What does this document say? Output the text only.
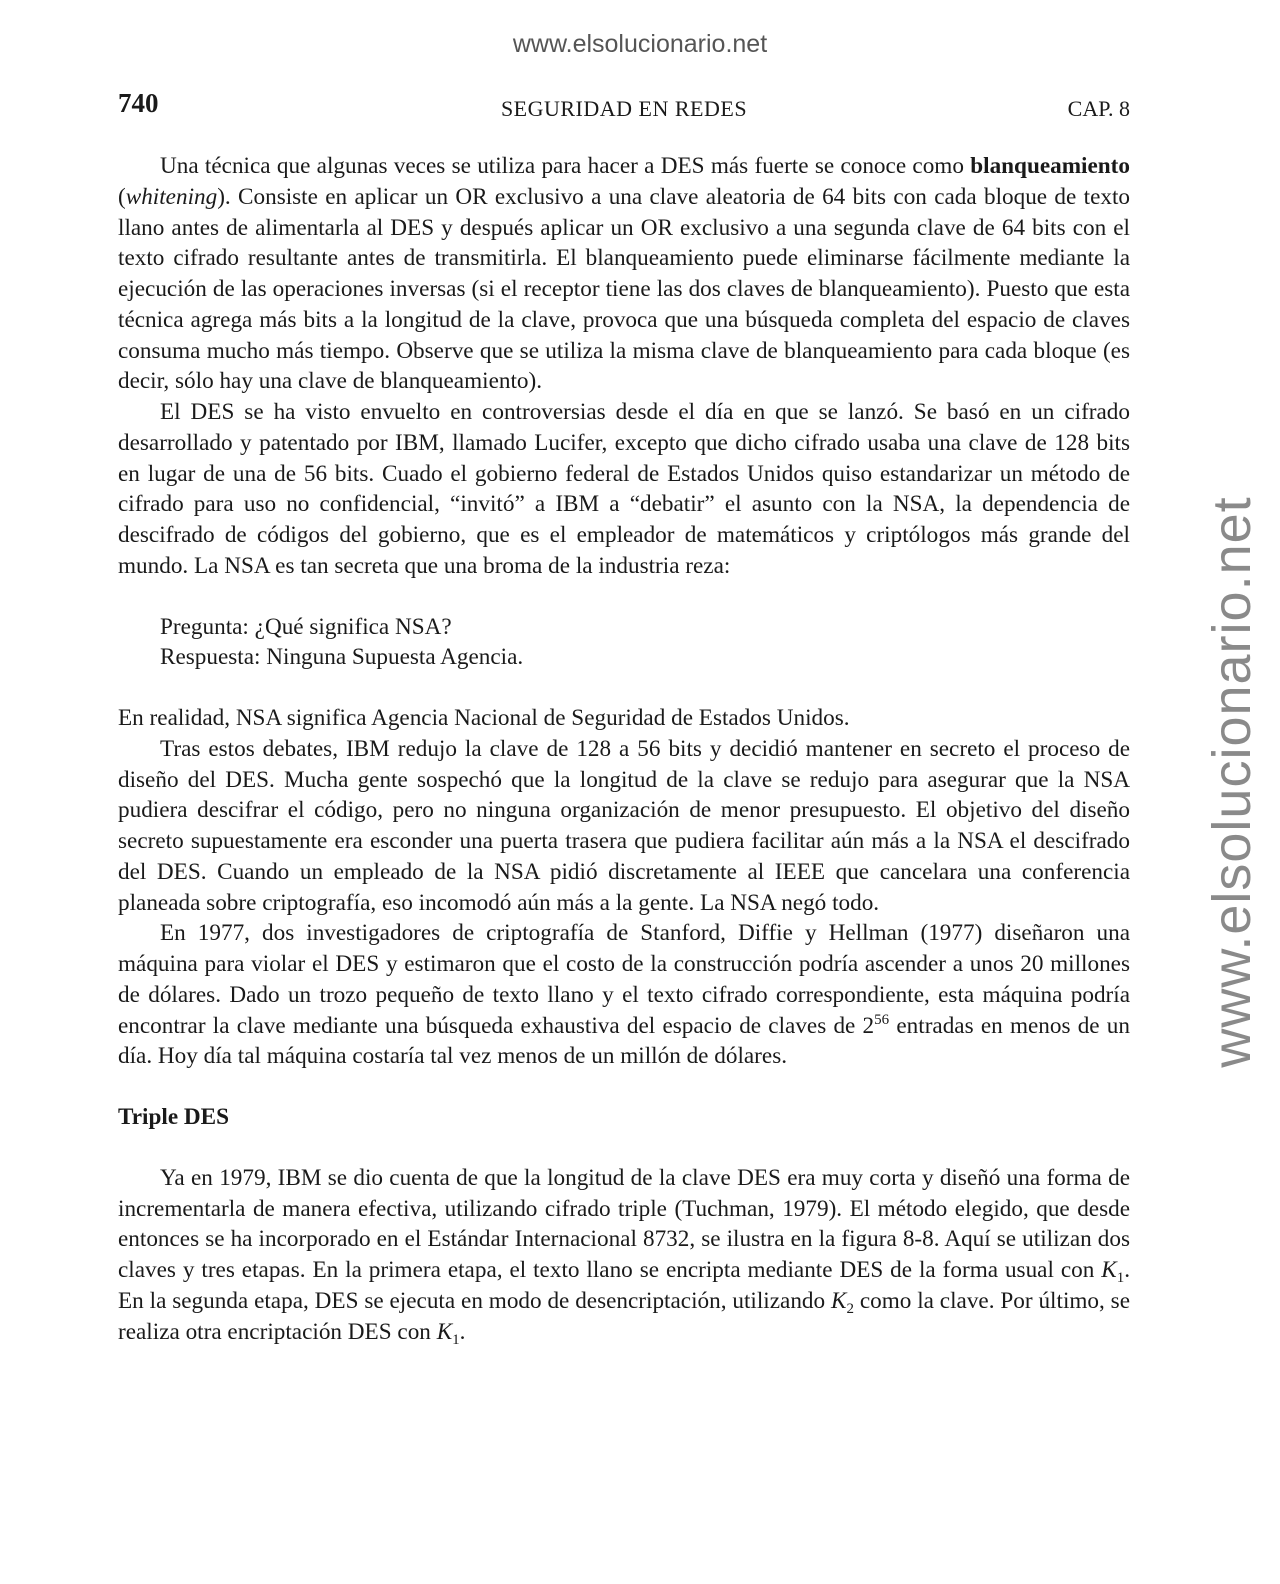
www.elsolucionario.net
www.elsolucionario.net
740	SEGURIDAD EN REDES	CAP. 8

Una técnica que algunas veces se utiliza para hacer a DES más fuerte se conoce como blanqueamiento (whitening). Consiste en aplicar un OR exclusivo a una clave aleatoria de 64 bits con cada bloque de texto llano antes de alimentarla al DES y después aplicar un OR exclusivo a una segunda clave de 64 bits con el texto cifrado resultante antes de transmitirla. El blanqueamiento puede eliminarse fácilmente mediante la ejecución de las operaciones inversas (si el receptor tiene las dos claves de blanqueamiento). Puesto que esta técnica agrega más bits a la longitud de la clave, provoca que una búsqueda completa del espacio de claves consuma mucho más tiempo. Observe que se utiliza la misma clave de blanqueamiento para cada bloque (es decir, sólo hay una clave de blanqueamiento).

El DES se ha visto envuelto en controversias desde el día en que se lanzó. Se basó en un cifrado desarrollado y patentado por IBM, llamado Lucifer, excepto que dicho cifrado usaba una clave de 128 bits en lugar de una de 56 bits. Cuado el gobierno federal de Estados Unidos quiso estandarizar un método de cifrado para uso no confidencial, “invitó” a IBM a “debatir” el asunto con la NSA, la dependencia de descifrado de códigos del gobierno, que es el empleador de matemáticos y criptólogos más grande del mundo. La NSA es tan secreta que una broma de la industria reza:

Pregunta: ¿Qué significa NSA?
Respuesta: Ninguna Supuesta Agencia.

En realidad, NSA significa Agencia Nacional de Seguridad de Estados Unidos.

Tras estos debates, IBM redujo la clave de 128 a 56 bits y decidió mantener en secreto el proceso de diseño del DES. Mucha gente sospechó que la longitud de la clave se redujo para asegurar que la NSA pudiera descifrar el código, pero no ninguna organización de menor presupuesto. El objetivo del diseño secreto supuestamente era esconder una puerta trasera que pudiera facilitar aún más a la NSA el descifrado del DES. Cuando un empleado de la NSA pidió discretamente al IEEE que cancelara una conferencia planeada sobre criptografía, eso incomodó aún más a la gente. La NSA negó todo.

En 1977, dos investigadores de criptografía de Stanford, Diffie y Hellman (1977) diseñaron una máquina para violar el DES y estimaron que el costo de la construcción podría ascender a unos 20 millones de dólares. Dado un trozo pequeño de texto llano y el texto cifrado correspondiente, esta máquina podría encontrar la clave mediante una búsqueda exhaustiva del espacio de claves de $2^{56}$ entradas en menos de un día. Hoy día tal máquina costaría tal vez menos de un millón de dólares.

Triple DES

Ya en 1979, IBM se dio cuenta de que la longitud de la clave DES era muy corta y diseñó una forma de incrementarla de manera efectiva, utilizando cifrado triple (Tuchman, 1979). El método elegido, que desde entonces se ha incorporado en el Estándar Internacional 8732, se ilustra en la figura 8-8. Aquí se utilizan dos claves y tres etapas. En la primera etapa, el texto llano se encripta mediante DES de la forma usual con $K_1$. En la segunda etapa, DES se ejecuta en modo de desencriptación, utilizando $K_2$ como la clave. Por último, se realiza otra encriptación DES con $K_1$.
